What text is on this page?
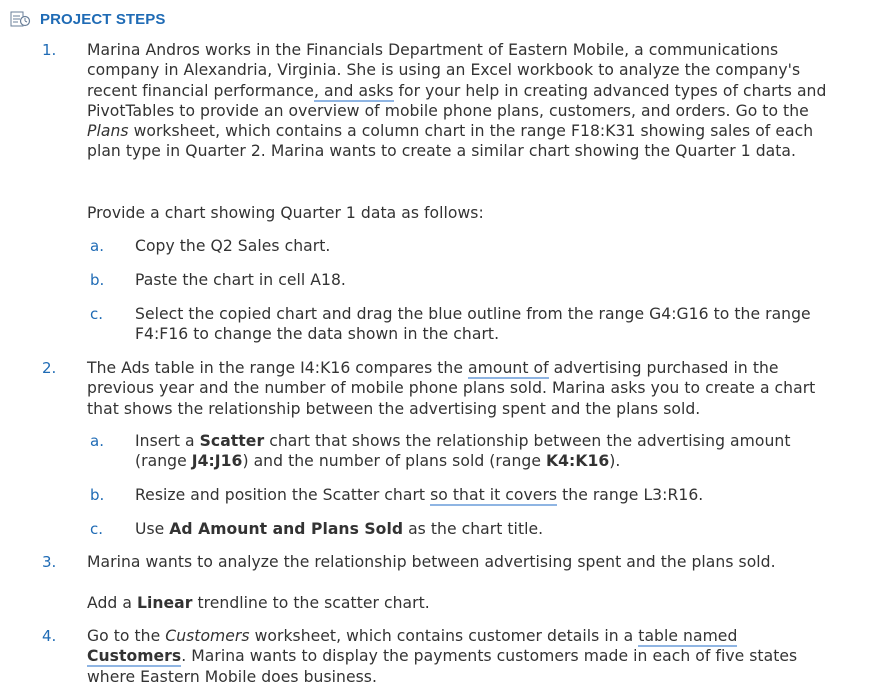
PROJECT STEPS
1. Marina Andros works in the Financials Department of Eastern Mobile, a communications company in Alexandria, Virginia. She is using an Excel workbook to analyze the company's recent financial performance, and asks for your help in creating advanced types of charts and PivotTables to provide an overview of mobile phone plans, customers, and orders. Go to the Plans worksheet, which contains a column chart in the range F18:K31 showing sales of each plan type in Quarter 2. Marina wants to create a similar chart showing the Quarter 1 data.
Provide a chart showing Quarter 1 data as follows:
a. Copy the Q2 Sales chart.
b. Paste the chart in cell A18.
c. Select the copied chart and drag the blue outline from the range G4:G16 to the range F4:F16 to change the data shown in the chart.
2. The Ads table in the range I4:K16 compares the amount of advertising purchased in the previous year and the number of mobile phone plans sold. Marina asks you to create a chart that shows the relationship between the advertising spent and the plans sold.
a. Insert a Scatter chart that shows the relationship between the advertising amount (range J4:J16) and the number of plans sold (range K4:K16).
b. Resize and position the Scatter chart so that it covers the range L3:R16.
c. Use Ad Amount and Plans Sold as the chart title.
3. Marina wants to analyze the relationship between advertising spent and the plans sold.
Add a Linear trendline to the scatter chart.
4. Go to the Customers worksheet, which contains customer details in a table named Customers. Marina wants to display the payments customers made in each of five states where Eastern Mobile does business.
